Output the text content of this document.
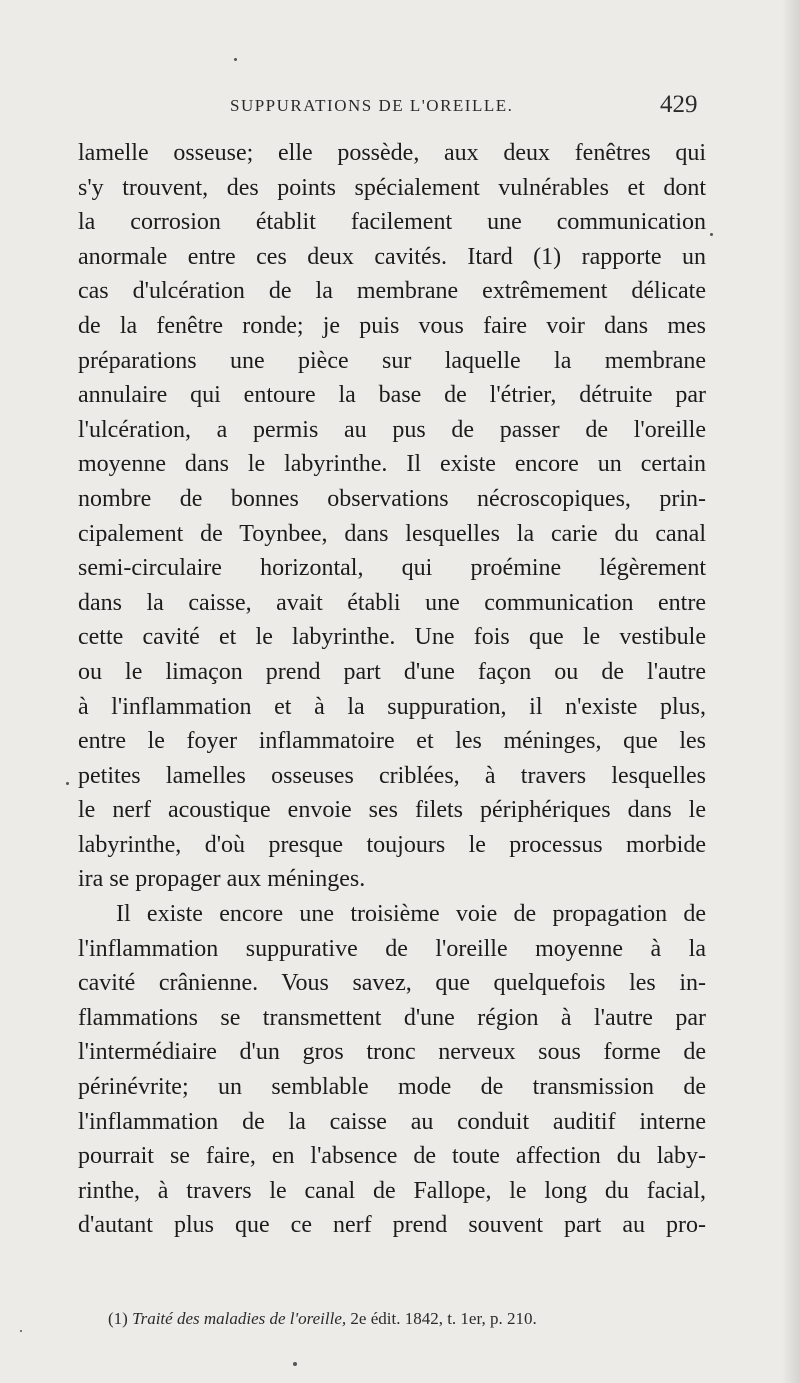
SUPPURATIONS DE L'OREILLE.	429
lamelle osseuse; elle possède, aux deux fenêtres qui
s'y trouvent, des points spécialement vulnérables et dont
la corrosion établit facilement une communication
anormale entre ces deux cavités. Itard (1) rapporte un
cas d'ulcération de la membrane extrêmement délicate
de la fenêtre ronde; je puis vous faire voir dans mes
préparations une pièce sur laquelle la membrane
annulaire qui entoure la base de l'étrier, détruite par
l'ulcération, a permis au pus de passer de l'oreille
moyenne dans le labyrinthe. Il existe encore un certain
nombre de bonnes observations nécroscopiques, prin-
cipalement de Toynbee, dans lesquelles la carie du canal
semi-circulaire horizontal, qui proémine légèrement
dans la caisse, avait établi une communication entre
cette cavité et le labyrinthe. Une fois que le vestibule
ou le limaçon prend part d'une façon ou de l'autre
à l'inflammation et à la suppuration, il n'existe plus,
entre le foyer inflammatoire et les méninges, que les
petites lamelles osseuses criblées, à travers lesquelles
le nerf acoustique envoie ses filets périphériques dans le
labyrinthe, d'où presque toujours le processus morbide
ira se propager aux méninges.
Il existe encore une troisième voie de propagation de
l'inflammation suppurative de l'oreille moyenne à la
cavité crânienne. Vous savez, que quelquefois les in-
flammations se transmettent d'une région à l'autre par
l'intermédiaire d'un gros tronc nerveux sous forme de
périnévrite; un semblable mode de transmission de
l'inflammation de la caisse au conduit auditif interne
pourrait se faire, en l'absence de toute affection du laby-
rinthe, à travers le canal de Fallope, le long du facial,
d'autant plus que ce nerf prend souvent part au pro-
(1) Traité des maladies de l'oreille, 2e édit. 1842, t. 1er, p. 210.
